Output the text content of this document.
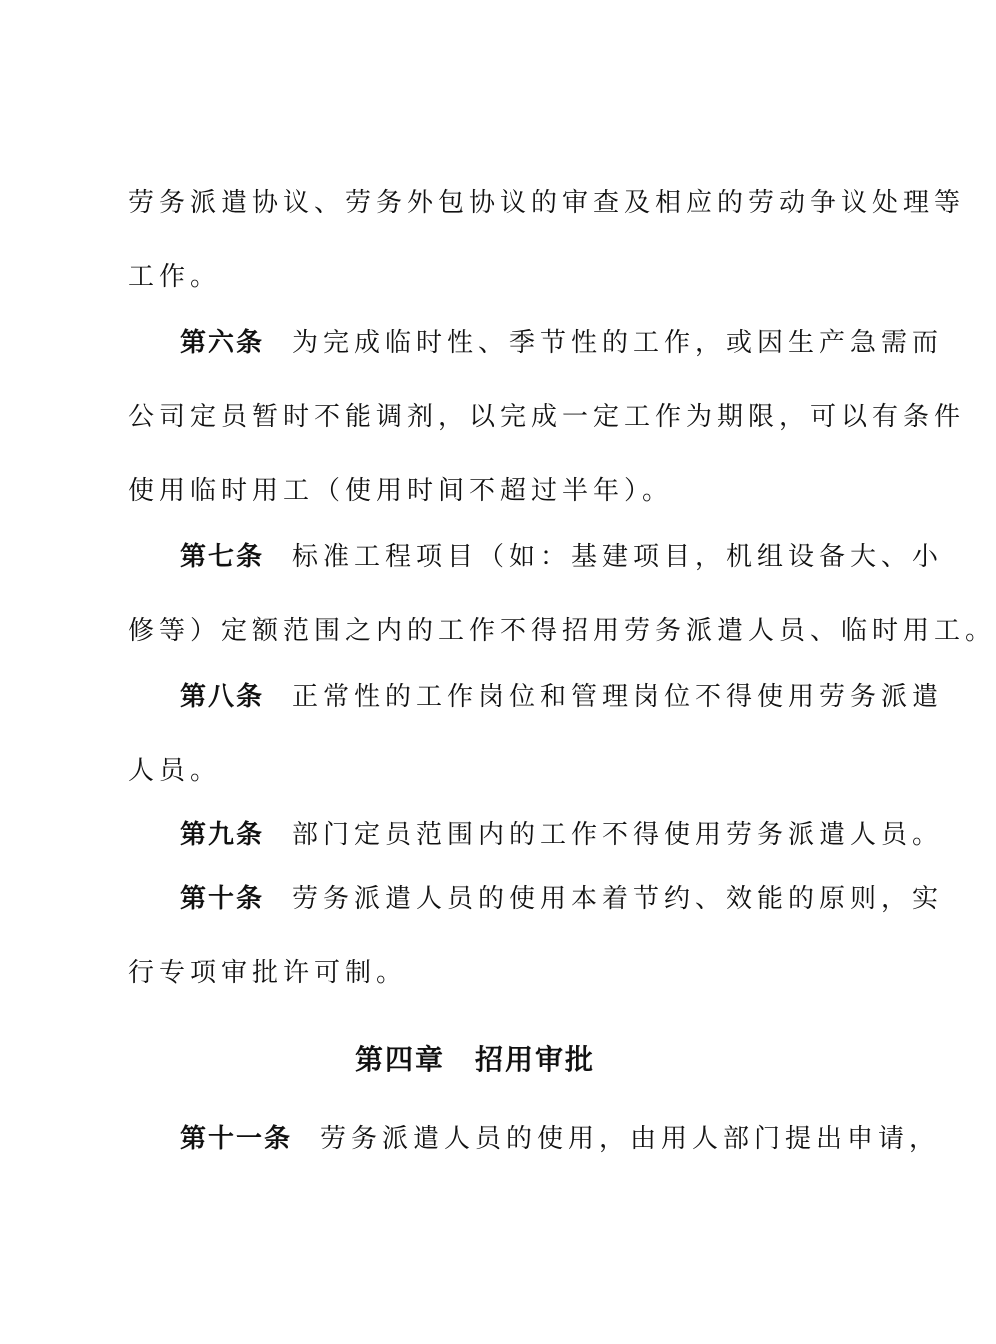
劳务派遣协议、劳务外包协议的审查及相应的劳动争议处理等
工作。
第六条 为完成临时性、季节性的工作，或因生产急需而
公司定员暂时不能调剂，以完成一定工作为期限，可以有条件
使用临时用工（使用时间不超过半年）。
第七条 标准工程项目（如：基建项目，机组设备大、小
修等）定额范围之内的工作不得招用劳务派遣人员、临时用工。
第八条 正常性的工作岗位和管理岗位不得使用劳务派遣
人员。
第九条 部门定员范围内的工作不得使用劳务派遣人员。
第十条 劳务派遣人员的使用本着节约、效能的原则，实
行专项审批许可制。
第四章 招用审批
第十一条 劳务派遣人员的使用，由用人部门提出申请，
